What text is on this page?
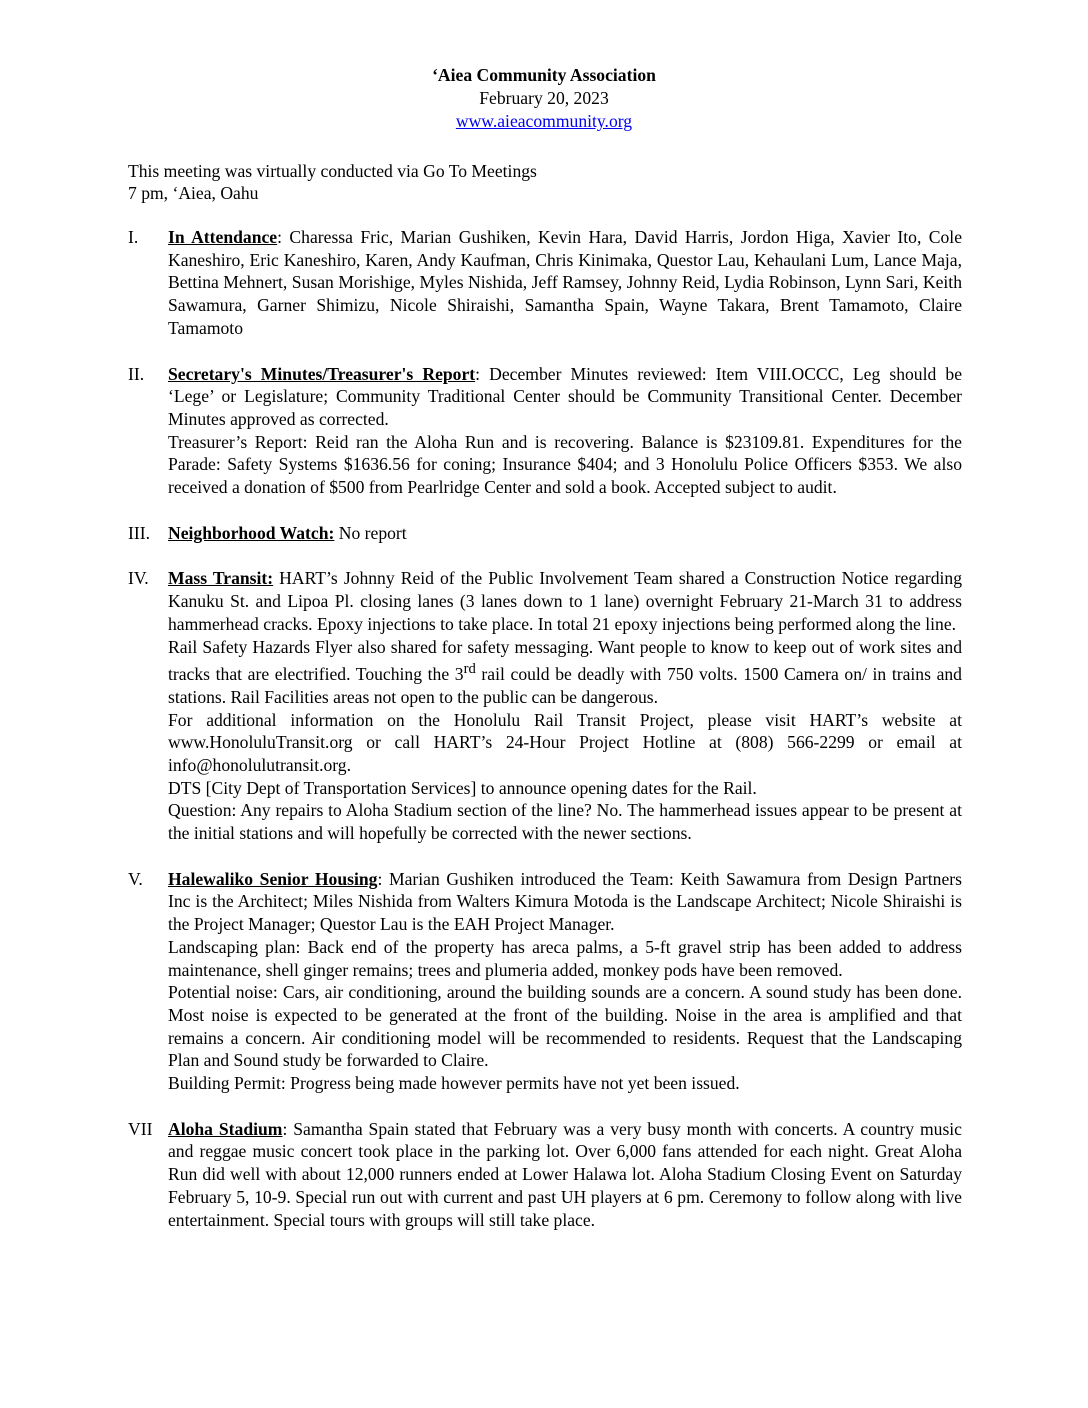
‘Aiea Community Association
February 20, 2023
www.aieacommunity.org
This meeting was virtually conducted via Go To Meetings
7 pm, ‘Aiea, Oahu
I.	In Attendance: Charessa Fric, Marian Gushiken, Kevin Hara, David Harris, Jordon Higa, Xavier Ito, Cole Kaneshiro, Eric Kaneshiro, Karen, Andy Kaufman, Chris Kinimaka, Questor Lau, Kehaulani Lum, Lance Maja, Bettina Mehnert, Susan Morishige, Myles Nishida, Jeff Ramsey, Johnny Reid, Lydia Robinson, Lynn Sari, Keith Sawamura, Garner Shimizu, Nicole Shiraishi, Samantha Spain, Wayne Takara, Brent Tamamoto, Claire Tamamoto

II.	Secretary's Minutes/Treasurer's Report: December Minutes reviewed: Item VIII.OCCC, Leg should be ‘Lege’ or Legislature; Community Traditional Center should be Community Transitional Center. December Minutes approved as corrected.

Treasurer’s Report: Reid ran the Aloha Run and is recovering. Balance is $23109.81. Expenditures for the Parade: Safety Systems $1636.56 for coning; Insurance $404; and 3 Honolulu Police Officers $353. We also received a donation of $500 from Pearlridge Center and sold a book. Accepted subject to audit.

III.	Neighborhood Watch: No report

IV.	Mass Transit: HART’s Johnny Reid of the Public Involvement Team shared a Construction Notice regarding Kanuku St. and Lipoa Pl. closing lanes (3 lanes down to 1 lane) overnight February 21-March 31 to address hammerhead cracks. Epoxy injections to take place. In total 21 epoxy injections being performed along the line.

Rail Safety Hazards Flyer also shared for safety messaging. Want people to know to keep out of work sites and tracks that are electrified. Touching the 3rd rail could be deadly with 750 volts. 1500 Camera on/ in trains and stations. Rail Facilities areas not open to the public can be dangerous.

For additional information on the Honolulu Rail Transit Project, please visit HART’s website at www.HonoluluTransit.org or call HART’s 24-Hour Project Hotline at (808) 566-2299 or email at info@honolulutransit.org.

DTS [City Dept of Transportation Services] to announce opening dates for the Rail.

Question: Any repairs to Aloha Stadium section of the line? No. The hammerhead issues appear to be present at the initial stations and will hopefully be corrected with the newer sections.

V.	Halewaliko Senior Housing: Marian Gushiken introduced the Team: Keith Sawamura from Design Partners Inc is the Architect; Miles Nishida from Walters Kimura Motoda is the Landscape Architect; Nicole Shiraishi is the Project Manager; Questor Lau is the EAH Project Manager.

Landscaping plan: Back end of the property has areca palms, a 5-ft gravel strip has been added to address maintenance, shell ginger remains; trees and plumeria added, monkey pods have been removed.

Potential noise: Cars, air conditioning, around the building sounds are a concern. A sound study has been done. Most noise is expected to be generated at the front of the building. Noise in the area is amplified and that remains a concern. Air conditioning model will be recommended to residents. Request that the Landscaping Plan and Sound study be forwarded to Claire.

Building Permit: Progress being made however permits have not yet been issued.

VII Aloha Stadium: Samantha Spain stated that February was a very busy month with concerts. A country music and reggae music concert took place in the parking lot. Over 6,000 fans attended for each night. Great Aloha Run did well with about 12,000 runners ended at Lower Halawa lot. Aloha Stadium Closing Event on Saturday February 5, 10-9. Special run out with current and past UH players at 6 pm. Ceremony to follow along with live entertainment. Special tours with groups will still take place.
